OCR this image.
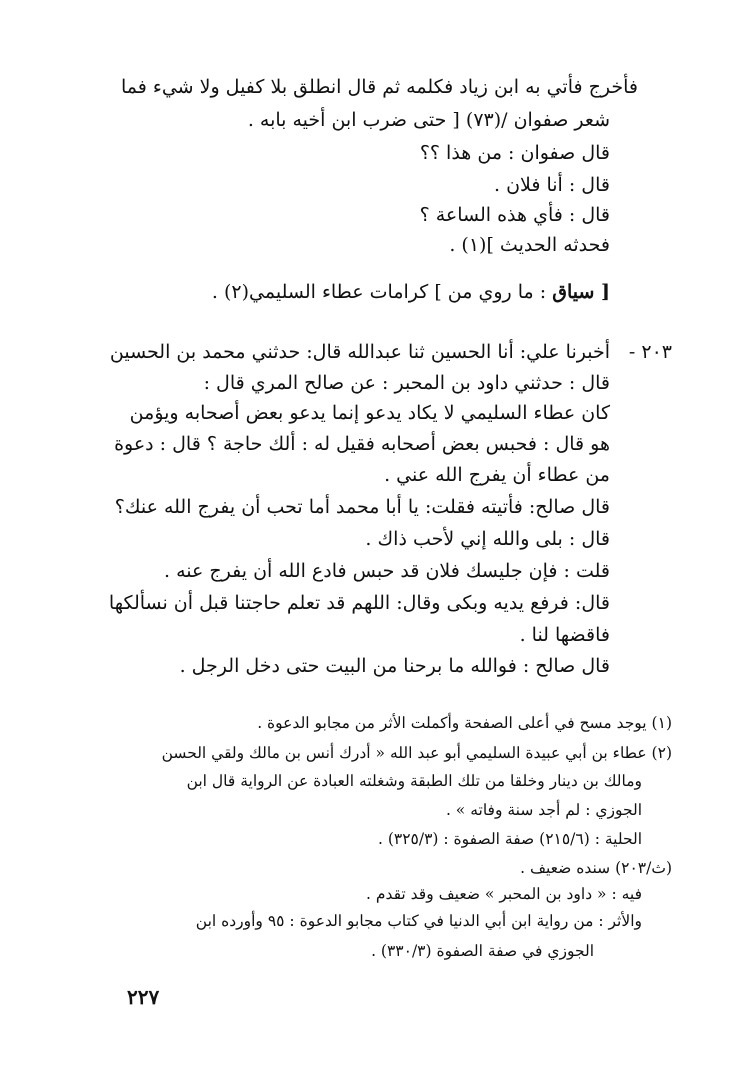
فأخرج فأتي به ابن زياد فكلمه ثم قال انطلق بلا كفيل ولا شيء فما
شعر صفوان /(٧٣) [ حتى ضرب ابن أخيه بابه .
قال صفوان : من هذا ؟؟
قال : أنا فلان .
قال : فأي هذه الساعة ؟
فحدثه الحديث ](١) .
[ سياق : ما روي من ] كرامات عطاء السليمي(٢) .
٢٠٣ -
أخبرنا علي: أنا الحسين ثنا عبدالله قال: حدثني محمد بن الحسين
قال : حدثني داود بن المحبر : عن صالح المري قال :
كان عطاء السليمي لا يكاد يدعو إنما يدعو بعض أصحابه ويؤمن
هو قال : فحبس بعض أصحابه فقيل له : ألك حاجة ؟ قال : دعوة
من عطاء أن يفرج الله عني .
قال صالح: فأتيته فقلت: يا أبا محمد أما تحب أن يفرج الله عنك؟
قال : بلى والله إني لأحب ذاك .
قلت : فإن جليسك فلان قد حبس فادع الله أن يفرج عنه .
قال: فرفع يديه وبكى وقال: اللهم قد تعلم حاجتنا قبل أن نسألكها
فاقضها لنا .
قال صالح : فوالله ما برحنا من البيت حتى دخل الرجل .
(١) يوجد مسح في أعلى الصفحة وأكملت الأثر من مجابو الدعوة .
(٢) عطاء بن أبي عبيدة السليمي أبو عبد الله « أدرك أنس بن مالك ولقي الحسن
ومالك بن دينار وخلقا من تلك الطبقة وشغلته العبادة عن الرواية قال ابن
الجوزي : لم أجد سنة وفاته » .
الحلية : (٢١٥/٦) صفة الصفوة : (٣٢٥/٣) .
(ث/٢٠٣) سنده ضعيف .
فيه : « داود بن المحبر » ضعيف وقد تقدم .
والأثر : من رواية ابن أبي الدنيا في كتاب مجابو الدعوة : ٩٥ وأورده ابن
الجوزي في صفة الصفوة (٣٣٠/٣) .
٢٢٧
